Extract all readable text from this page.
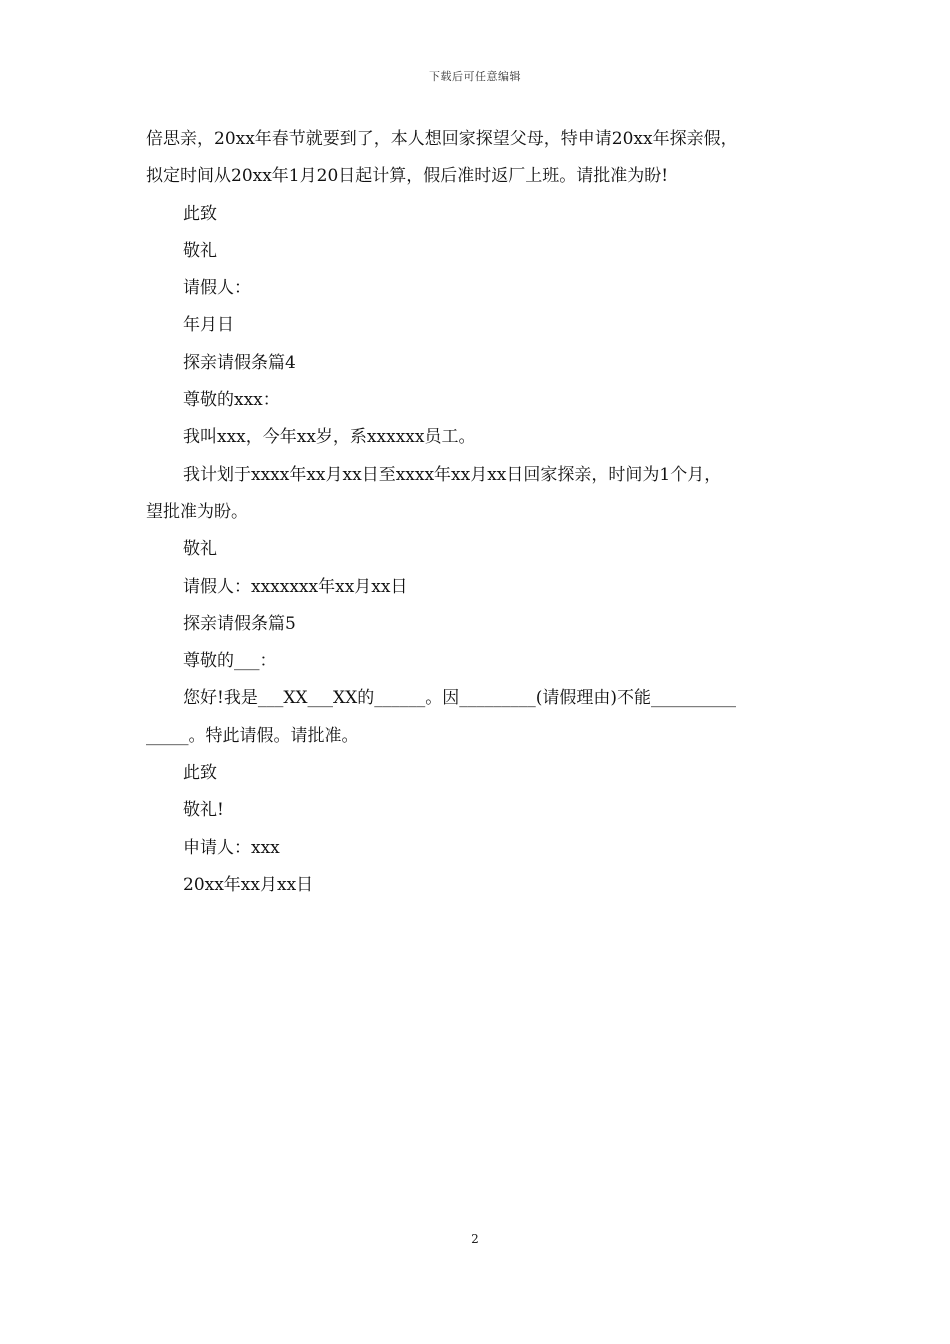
下载后可任意编辑
倍思亲，20xx年春节就要到了，本人想回家探望父母，特申请20xx年探亲假，
拟定时间从20xx年1月20日起计算，假后准时返厂上班。请批准为盼!
此致
敬礼
请假人：
年月日
探亲请假条篇4
尊敬的xxx：
我叫xxx，今年xx岁，系xxxxxx员工。
我计划于xxxx年xx月xx日至xxxx年xx月xx日回家探亲，时间为1个月，
望批准为盼。
敬礼
请假人：xxxxxxx年xx月xx日
探亲请假条篇5
尊敬的___：
您好!我是___XX___XX的______。因_________(请假理由)不能__________
_____。特此请假。请批准。
此致
敬礼!
申请人：xxx
20xx年xx月xx日
2
